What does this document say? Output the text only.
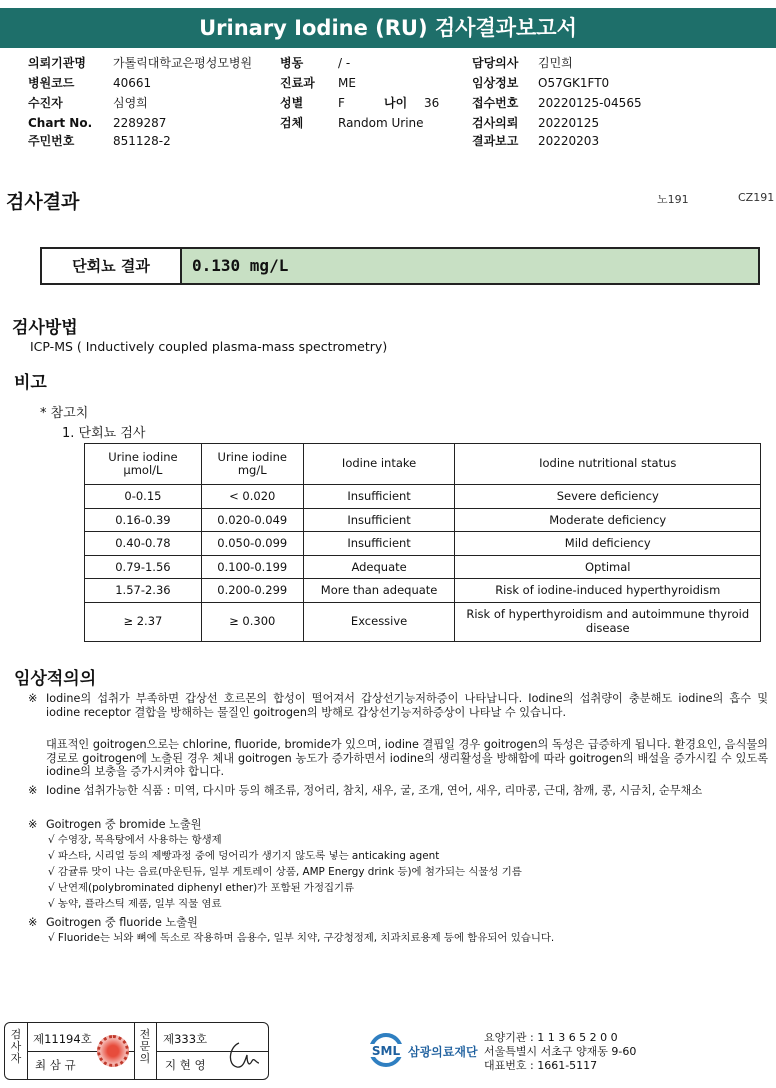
Urinary Iodine (RU) 검사결과보고서
의뢰기관명 가톨릭대학교은평성모병원 병동	/ -	담당의사 김민희
병원코드	40661	진료과 ME	임상정보 O57GK1FT0
수진자	심영희	성별	F	나이 36	접수번호 20220125-04565
Chart No. 2289287	검체	Random Urine	검사의뢰 20220125
주민번호	851128-2	결과보고 20220203
검사결과	노191	CZ191
단회뇨 결과	0.130 mg/L
검사방법
ICP-MS ( Inductively coupled plasma-mass spectrometry)
비고
* 참고치
1. 단회뇨 검사
Urine iodine μmol/L	Urine iodine mg/L	Iodine intake	Iodine nutritional status
0-0.15	< 0.020	Insufficient	Severe deficiency
0.16-0.39	0.020-0.049	Insufficient	Moderate deficiency
0.40-0.78	0.050-0.099	Insufficient	Mild deficiency
0.79-1.56	0.100-0.199	Adequate	Optimal
1.57-2.36	0.200-0.299	More than adequate	Risk of iodine-induced hyperthyroidism
≥ 2.37	≥ 0.300	Excessive	Risk of hyperthyroidism and autoimmune thyroid disease
임상적의의
※ Iodine의 섭취가 부족하면 갑상선 호르몬의 합성이 떨어져서 갑상선기능저하증이 나타납니다. Iodine의 섭취량이 충분해도 iodine의 흡수 및 iodine receptor 결합을 방해하는 물질인 goitrogen의 방해로 갑상선기능저하증상이 나타날 수 있습니다.
대표적인 goitrogen으로는 chlorine, fluoride, bromide가 있으며, iodine 결핍일 경우 goitrogen의 독성은 급증하게 됩니다. 환경요인, 음식물의 경로로 goitrogen에 노출된 경우 체내 goitrogen 농도가 증가하면서 iodine의 생리활성을 방해함에 따라 goitrogen의 배설을 증가시킬 수 있도록 iodine의 보충을 증가시켜야 합니다.
※ Iodine 섭취가능한 식품 : 미역, 다시마 등의 해조류, 정어리, 참치, 새우, 굴, 조개, 연어, 새우, 리마콩, 근대, 참깨, 콩, 시금치, 순무채소
※ Goitrogen 중 bromide 노출원
√ 수영장, 목욕탕에서 사용하는 항생제
√ 파스타, 시리얼 등의 제빵과정 중에 덩어리가 생기지 않도록 넣는 anticaking agent
√ 감귤류 맛이 나는 음료(마운틴듀, 일부 게토레이 상품, AMP Energy drink 등)에 첨가되는 식물성 기름
√ 난연제(polybrominated diphenyl ether)가 포함된 가정집기류
√ 농약, 플라스틱 제품, 일부 직물 염료
※ Goitrogen 중 fluoride 노출원
√ Fluoride는 뇌와 뼈에 독소로 작용하며 음용수, 일부 치약, 구강청정제, 치과치료용제 등에 함유되어 있습니다.
검사자
제11194호
최 삼 규
전문의
제333호
지 현 영
SML 삼광의료재단
요양기관 : 1 1 3 6 5 2 0 0
서울특별시 서초구 양재동 9-60
대표번호 : 1661-5117
